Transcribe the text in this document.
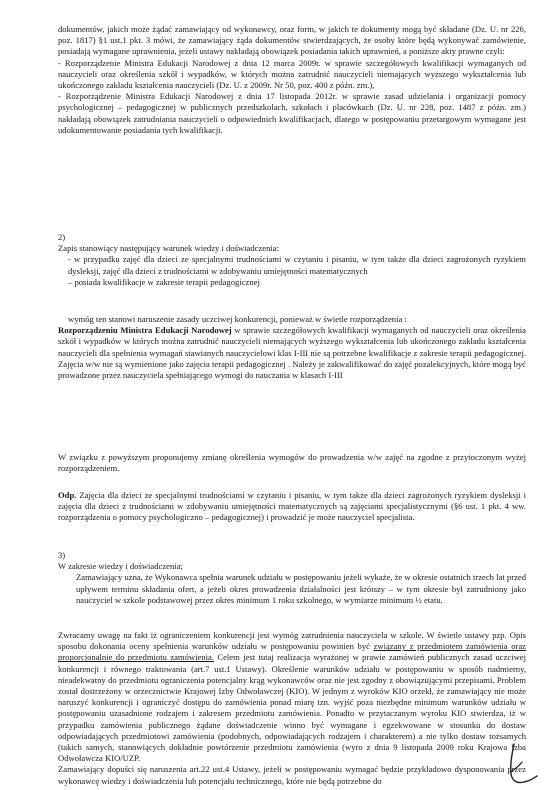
dokumentów, jakich może żądać zamawiający od wykonawcy, oraz form, w jakich te dokumenty mogą być składane (Dz. U. nr 226, poz. 1817) §1 ust.1 pkt. 3 mówi, że zamawiający żąda dokumentów stwierdzających, że osoby które będą wykonywać zamówienie, posiadają wymagane uprawnienia, jeżeli ustawy nakładają obowiązek posiadania takich uprawnień, a poniższe akty prawne czyli:

- Rozporządzenie Ministra Edukacji Narodowej z dnia 12 marca 2009r. w sprawie szczegółowych kwalifikacji wymaganych od nauczycieli oraz określenia szkół i wypadków, w których można zatrudnić nauczycieli niemających wyższego wykształcenia lub ukończonego zakładu kształcenia nauczycieli (Dz. U. z 2009r. Nr 50, poz. 400 z późn. zm.),

- Rozporządzenie Ministra Edukacji Narodowej z dnia 17 listopada 2012r. w sprawie zasad udzielania i organizacji pomocy psychologicznej – pedagogicznej w publicznych przedszkolach, szkołach i placówkach (Dz. U. nr 228, poz. 1487 z późn. zm.) nakładają obowiązek zatrudniania nauczycieli o odpowiednich kwalifikacjach, dlatego w postępowaniu przetargowym wymagane jest udokumentowanie posiadania tych kwalifikacji.

2)

Zapis stanowiący następujący warunek wiedzy i doświadczenia:

- w przypadku zajęć dla dzieci ze specjalnymi trudnościami w czytaniu i pisaniu, w tym także dla dzieci zagrożonych ryzykiem dysleksji, zajęć dla dzieci z trudnościami w zdobywaniu umiejętności matematycznych

– posiada kwalifikacje w zakresie terapii pedagogicznej

wymóg ten stanowi naruszenie zasady uczciwej konkurencji, ponieważ w świetle rozporządzenia :

Rozporządzeniu Ministra Edukacji Narodowej w sprawie szczegółowych kwalifikacji wymaganych od nauczycieli oraz określenia szkół i wypadków w których można zatrudnić nauczycieli niemających wyższego wykształcenia lub ukończonego zakładu kształcenia nauczycieli dla spełnienia wymagań stawianych nauczycielowi klas I-III nie są potrzebne kwalifikacje z zakresie terapii pedagogicznej. Zajęcia w/w nie są wymienione jako zajęcia terapii pedagogicznej . Należy je zakwalifikować do zajęć pozalekcyjnych, które mogą być prowadzone przez nauczyciela spełniającego wymogi do nauczania w klasach I-III

W związku z powyższym proponujemy zmianę określenia wymogów do prowadzenia w/w zajęć na zgodne z przytoczonym wyżej rozporządzeniem.

Odp. Zajęcia dla dzieci ze specjalnymi trudnościami w czytaniu i pisaniu, w tym także dla dzieci zagrożonych ryzykiem dysleksji i zajęcia dla dzieci z trudnościami w zdobywaniu umiejętności matematycznych są zajęciami specjalistycznymi (§6 ust. 1 pkt. 4 ww. rozporządzenia o pomocy psychologiczno – pedagogicznej) i prowadzić je może nauczyciel specjalista.

3)

W zakresie wiedzy i doświadczenia;

Zamawiający uzna, że Wykonawca spełnia warunek udziału w postępowaniu jeżeli wykaże, że w okresie ostatnich trzech lat przed upływem terminu składania ofert, a jeżeli okres prowadzenia działalności jest krótszy – w tym okresie był zatrudniony jako nauczyciel w szkole podstawowej przez okres minimum 1 roku szkolnego, w wymiarze minimum ½ etatu.

Zwracamy uwagę na fakt iż ograniczeniem konkurencji jest wymóg zatrudnienia nauczyciela w szkole. W świetle ustawy pzp. Opis sposobu dokonania oceny spełnienia warunków udziału w postępowaniu powinien być związany z przedmiotem zamówienia oraz proporcjonalnie do przedmiotu zamówienia. Celem jest tutaj realizacja wyrażonej w prawie zamówień publicznych zasad uczciwej konkurencji i równego traktowania (art.7 ust.1 Ustawy). Określenie warunków udziału w postępowaniu w sposób nadmierny, nieadekwatny do przedmiotu ograniczenia potencjalny krąg wykonawców oraz nie jest zgodny z obowiązującymi przepisami. Problem został dostrzeżony w orzecznictwie Krajowej Izby Odwoławczej (KIO). W jednym z wyroków KIO orzekł, że zamawiający nie może naruszyć konkurencji i ograniczyć dostępu do zamówienia ponad miarę tzn. wyjść poza niezbędne minimum warunków udziału w postępowaniu uzasadnione rodzajem i zakresem przedmiotu zamówienia. Ponadto w przytaczanym wyroku KIO stwierdza, iż w przypadku zamówienia publicznego żądane doświadczenie winno być wymagane i egzekwowane w stosunku do dostaw odpowiadających przedmiotowi zamówienia (podobnych, odpowiadających rodzajem i charakterem) a nie tylko dostaw tożsamych (takich samych, stanowiących dokładnie powtórzenie przedmiotu zamówienia (wyro z dnia 9 listopada 2009 roku Krajowa Izba Odwoławcza KIO/UZP.

Zamawiający dopuści się naruszenia art.22 ust.4 Ustawy, jeżeli w postępowaniu wymagać będzie przykładowo dysponowania przez wykonawcę wiedzy i doświadczenia lub potencjału technicznego, które nie będą potrzebne do
